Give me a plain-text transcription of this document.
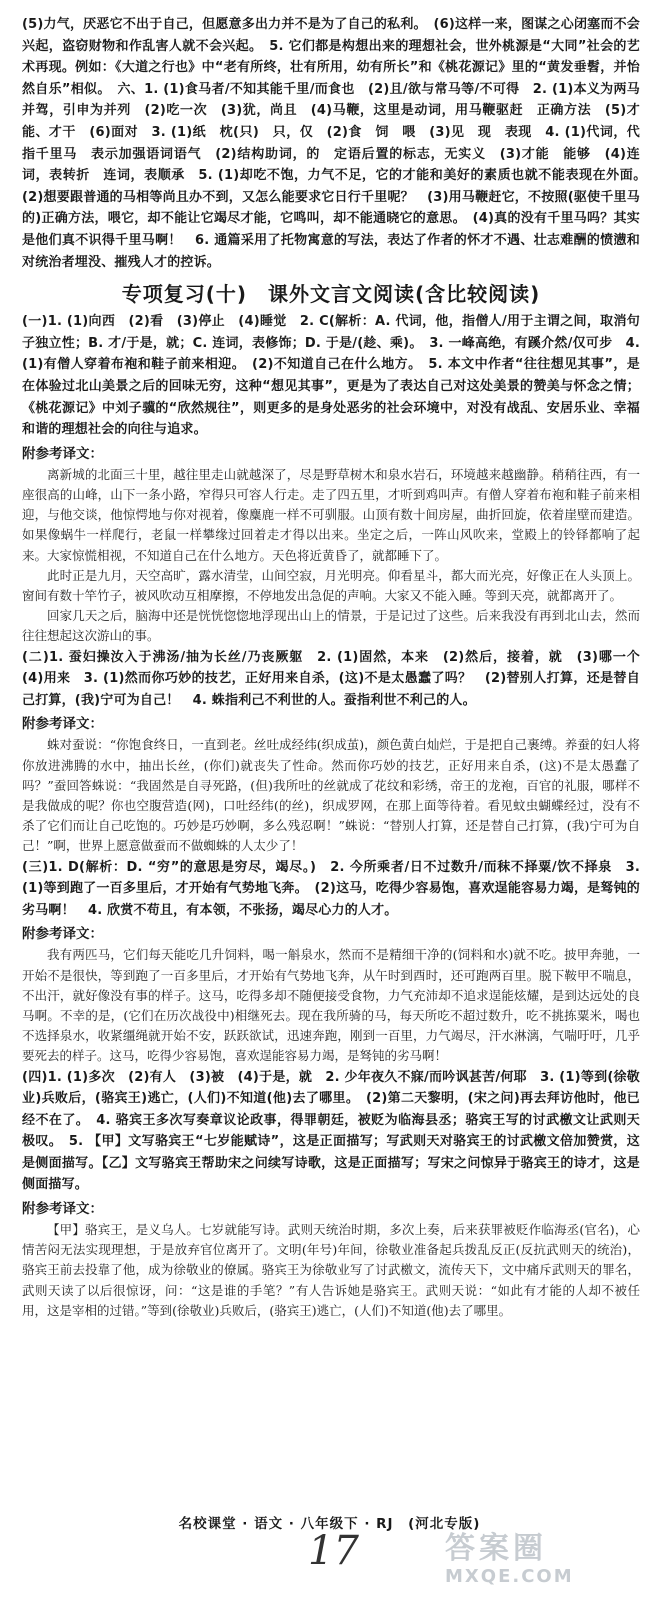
(5)力气，厌恶它不出于自己，但愿意多出力并不是为了自己的私利。　(6)这样一来，图谋之心闭塞而不会兴起，盗窃财物和作乱害人就不会兴起。　5. 它们都是构想出来的理想社会，世外桃源是“大同”社会的艺术再现。例如：《大道之行也》中“老有所终，壮有所用，幼有所长”和《桃花源记》里的“黄发垂髫，并怡然自乐”相似。　六、1. (1)食马者/不知其能千里/而食也　(2)且/欲与常马等/不可得　2. (1)本义为两马并驾，引申为并列　(2)吃一次　(3)犹，尚且　(4)马鞭，这里是动词，用马鞭驱赶　正确方法　(5)才能、才干　(6)面对　3. (1)纸　枕(只)　只，仅　(2)食　饲　喂　(3)见　现　表现　4. (1)代词，代指千里马　表示加强语词语气　(2)结构助词，的　定语后置的标志，无实义　(3)才能　能够　(4)连词，表转折　连词，表顺承　5. (1)却吃不饱，力气不足，它的才能和美好的素质也就不能表现在外面。　(2)想要跟普通的马相等尚且办不到，又怎么能要求它日行千里呢？　(3)用马鞭赶它，不按照(驱使千里马的)正确方法，喂它，却不能让它竭尽才能，它鸣叫，却不能通晓它的意思。　(4)真的没有千里马吗？其实是他们真不识得千里马啊！　6. 通篇采用了托物寓意的写法，表达了作者的怀才不遇、壮志难酬的愤懑和对统治者埋没、摧残人才的控诉。

专项复习(十)　课外文言文阅读(含比较阅读)

(一)1. (1)向西　(2)看　(3)停止　(4)睡觉　2. C(解析：A. 代词，他，指僧人/用于主谓之间，取消句子独立性；B. 才/于是，就；C. 连词，表修饰；D. 于是/(趁、乘)。　3. 一峰高绝，有蹊介然/仅可步　4. (1)有僧人穿着布袍和鞋子前来相迎。　(2)不知道自己在什么地方。　5. 本文中作者“往往想见其事”，是在体验过北山美景之后的回味无穷，这种“想见其事”，更是为了表达自己对这处美景的赞美与怀念之情；《桃花源记》中刘子骥的“欣然规往”，则更多的是身处恶劣的社会环境中，对没有战乱、安居乐业、幸福和谐的理想社会的向往与追求。

附参考译文：

离新城的北面三十里，越往里走山就越深了，尽是野草树木和泉水岩石，环境越来越幽静。稍稍往西，有一座很高的山峰，山下一条小路，窄得只可容人行走。走了四五里，才听到鸡叫声。有僧人穿着布袍和鞋子前来相迎，与他交谈，他惊愕地与你对视着，像麋鹿一样不可驯服。山顶有数十间房屋，曲折回旋，依着崖壁而建造。如果像蜗牛一样爬行，老鼠一样攀缘过回着走才得以出来。坐定之后，一阵山风吹来，堂殿上的铃铎都响了起来。大家惊慌相视，不知道自己在什么地方。天色将近黄昏了，就都睡下了。

此时正是九月，天空高旷，露水清莹，山间空寂，月光明亮。仰看星斗，都大而光亮，好像正在人头顶上。窗间有数十竿竹子，被风吹动互相摩擦，不停地发出急促的声响。大家又不能入睡。等到天亮，就都离开了。

回家几天之后，脑海中还是恍恍惚惚地浮现出山上的情景，于是记过了这些。后来我没有再到北山去，然而往往想起这次游山的事。

(二)1. 蚕妇操汝入于沸汤/抽为长丝/乃丧厥躯　2. (1)固然，本来　(2)然后，接着，就　(3)哪一个　(4)用来　3. (1)然而你巧妙的技艺，正好用来自杀，(这)不是太愚蠢了吗？　(2)替别人打算，还是替自己打算，(我)宁可为自己！　4. 蛛指利己不利世的人。蚕指利世不利己的人。

附参考译文：

蛛对蚕说：“你饱食终日，一直到老。丝吐成经纬(织成茧)，颜色黄白灿烂，于是把自己裹缚。养蚕的妇人将你放进沸腾的水中，抽出长丝，(你们)就丧失了性命。然而你巧妙的技艺，正好用来自杀，(这)不是太愚蠢了吗？”蚕回答蛛说：“我固然是自寻死路，(但)我所吐的丝就成了花纹和彩绣，帝王的龙袍，百官的礼服，哪样不是我做成的呢？你也空腹营造(网)，口吐经纬(的丝)，织成罗网，在那上面等待着。看见蚊虫蝴蝶经过，没有不杀了它们而让自己吃饱的。巧妙是巧妙啊，多么残忍啊！”蛛说：“替别人打算，还是替自己打算，(我)宁可为自己！”啊，世界上愿意做蚕而不做蜘蛛的人太少了！

(三)1. D(解析：D. “穷”的意思是穷尽，竭尽。)　2. 今所乘者/日不过数升/而秣不择粟/饮不择泉　3. (1)等到跑了一百多里后，才开始有气势地飞奔。　(2)这马，吃得少容易饱，喜欢逞能容易力竭，是驽钝的劣马啊！　4. 欣赏不苟且，有本领，不张扬，竭尽心力的人才。

附参考译文：

我有两匹马，它们每天能吃几升饲料，喝一斛泉水，然而不是精细干净的(饲料和水)就不吃。披甲奔驰，一开始不是很快，等到跑了一百多里后，才开始有气势地飞奔，从午时到酉时，还可跑两百里。脱下鞍甲不喘息，不出汗，就好像没有事的样子。这马，吃得多却不随便接受食物，力气充沛却不追求逞能炫耀，是到达远处的良马啊。不幸的是，(它们在历次战役中)相继死去。现在我所骑的马，每天所吃不超过数升，吃不挑拣粟米，喝也不选择泉水，收紧缰绳就开始不安，跃跃欲试，迅速奔跑，刚到一百里，力气竭尽，汗水淋漓，气喘吁吁，几乎要死去的样子。这马，吃得少容易饱，喜欢逞能容易力竭，是驽钝的劣马啊！

(四)1. (1)多次　(2)有人　(3)被　(4)于是，就　2. 少年夜久不寐/而吟讽甚苦/何耶　3. (1)等到(徐敬业)兵败后，(骆宾王)逃亡，(人们)不知道(他)去了哪里。　(2)第二天黎明，(宋之问)再去拜访他时，他已经不在了。　4. 骆宾王多次写奏章议论政事，得罪朝廷，被贬为临海县丞；骆宾王写的讨武檄文让武则天极叹。　5. 【甲】文写骆宾王“七岁能赋诗”，这是正面描写；写武则天对骆宾王的讨武檄文倍加赞赏，这是侧面描写。【乙】文写骆宾王帮助宋之问续写诗歌，这是正面描写；写宋之问惊异于骆宾王的诗才，这是侧面描写。

附参考译文：

【甲】骆宾王，是义乌人。七岁就能写诗。武则天统治时期，多次上奏，后来获罪被贬作临海丞(官名)，心情苦闷无法实现理想，于是放弃官位离开了。文明(年号)年间，徐敬业准备起兵拨乱反正(反抗武则天的统治)，骆宾王前去投靠了他，成为徐敬业的僚属。骆宾王为徐敬业写了讨武檄文，流传天下，文中痛斥武则天的罪名，武则天读了以后很惊讶，问：“这是谁的手笔？”有人告诉她是骆宾王。武则天说：“如此有才能的人却不被任用，这是宰相的过错。”等到(徐敬业)兵败后，(骆宾王)逃亡，(人们)不知道(他)去了哪里。

名校课堂 · 语文 · 八年级下 · RJ　(河北专版)
17	答案圈
MXQE.COM
